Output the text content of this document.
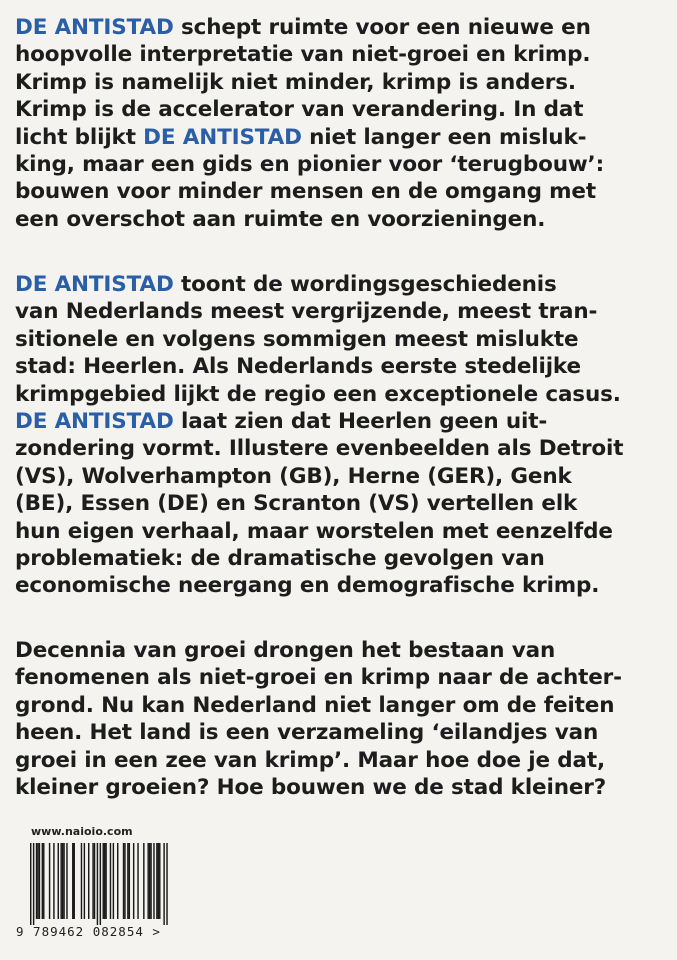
DE ANTISTAD schept ruimte voor een nieuwe en
hoopvolle interpretatie van niet-groei en krimp.
Krimp is namelijk niet minder, krimp is anders.
Krimp is de accelerator van verandering. In dat
licht blijkt DE ANTISTAD niet langer een misluk-
king, maar een gids en pionier voor ‘terugbouw’:
bouwen voor minder mensen en de omgang met
een overschot aan ruimte en voorzieningen.
DE ANTISTAD toont de wordingsgeschiedenis
van Nederlands meest vergrijzende, meest tran-
sitionele en volgens sommigen meest mislukte
stad: Heerlen. Als Nederlands eerste stedelijke
krimpgebied lijkt de regio een exceptionele casus.
DE ANTISTAD laat zien dat Heerlen geen uit-
zondering vormt. Illustere evenbeelden als Detroit
(VS), Wolverhampton (GB), Herne (GER), Genk
(BE), Essen (DE) en Scranton (VS) vertellen elk
hun eigen verhaal, maar worstelen met eenzelfde
problematiek: de dramatische gevolgen van
economische neergang en demografische krimp.
Decennia van groei drongen het bestaan van
fenomenen als niet-groei en krimp naar de achter-
grond. Nu kan Nederland niet langer om de feiten
heen. Het land is een verzameling ‘eilandjes van
groei in een zee van krimp’. Maar hoe doe je dat,
kleiner groeien? Hoe bouwen we de stad kleiner?
www.naioio.com
9 789462 082854 >
